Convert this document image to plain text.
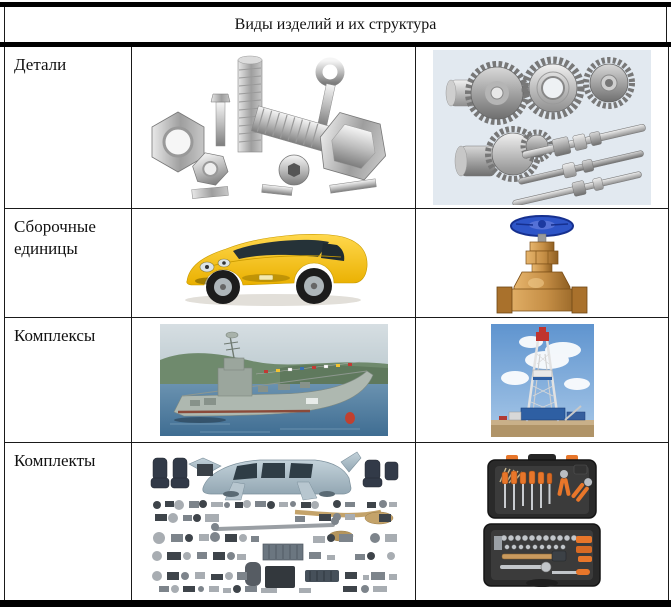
Виды изделий и их структура
Детали
Сборочные единицы
Комплексы
Комплекты
